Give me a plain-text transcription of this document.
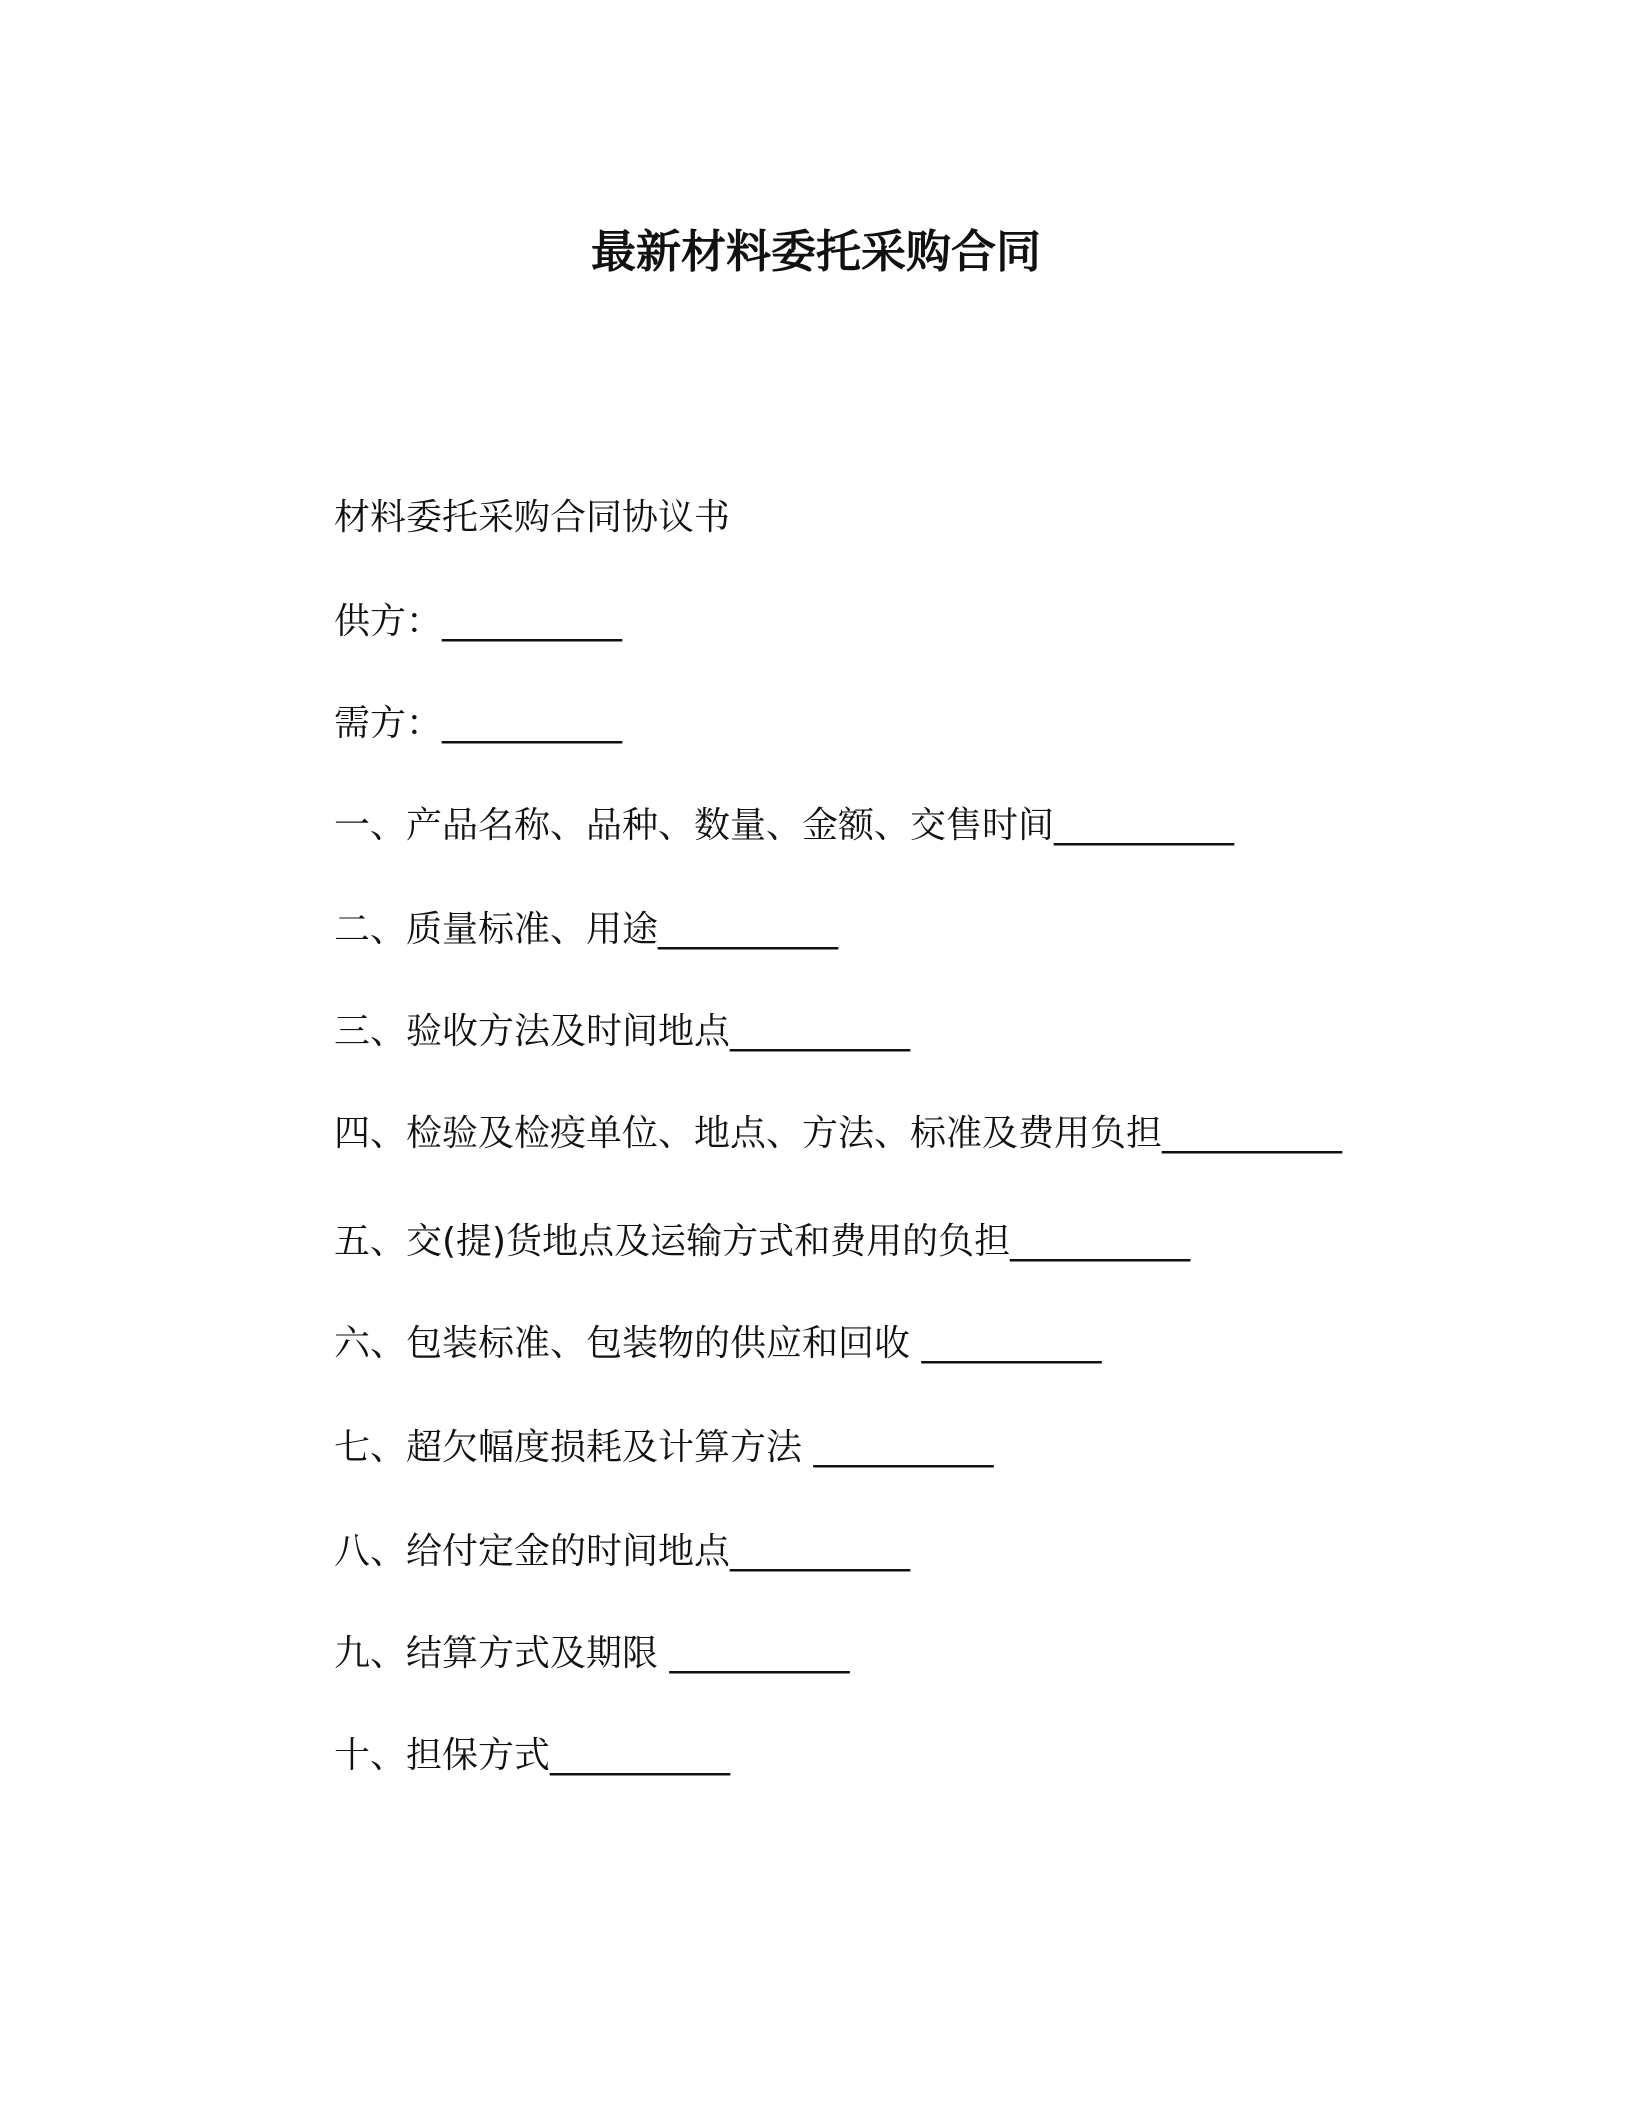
最新材料委托采购合同

材料委托采购合同协议书

供方：__________

需方：__________

一、产品名称、品种、数量、金额、交售时间__________

二、质量标准、用途__________

三、验收方法及时间地点__________

四、检验及检疫单位、地点、方法、标准及费用负担__________

五、交(提)货地点及运输方式和费用的负担__________

六、包装标准、包装物的供应和回收 __________

七、超欠幅度损耗及计算方法 __________

八、给付定金的时间地点__________

九、结算方式及期限 __________

十、担保方式__________
